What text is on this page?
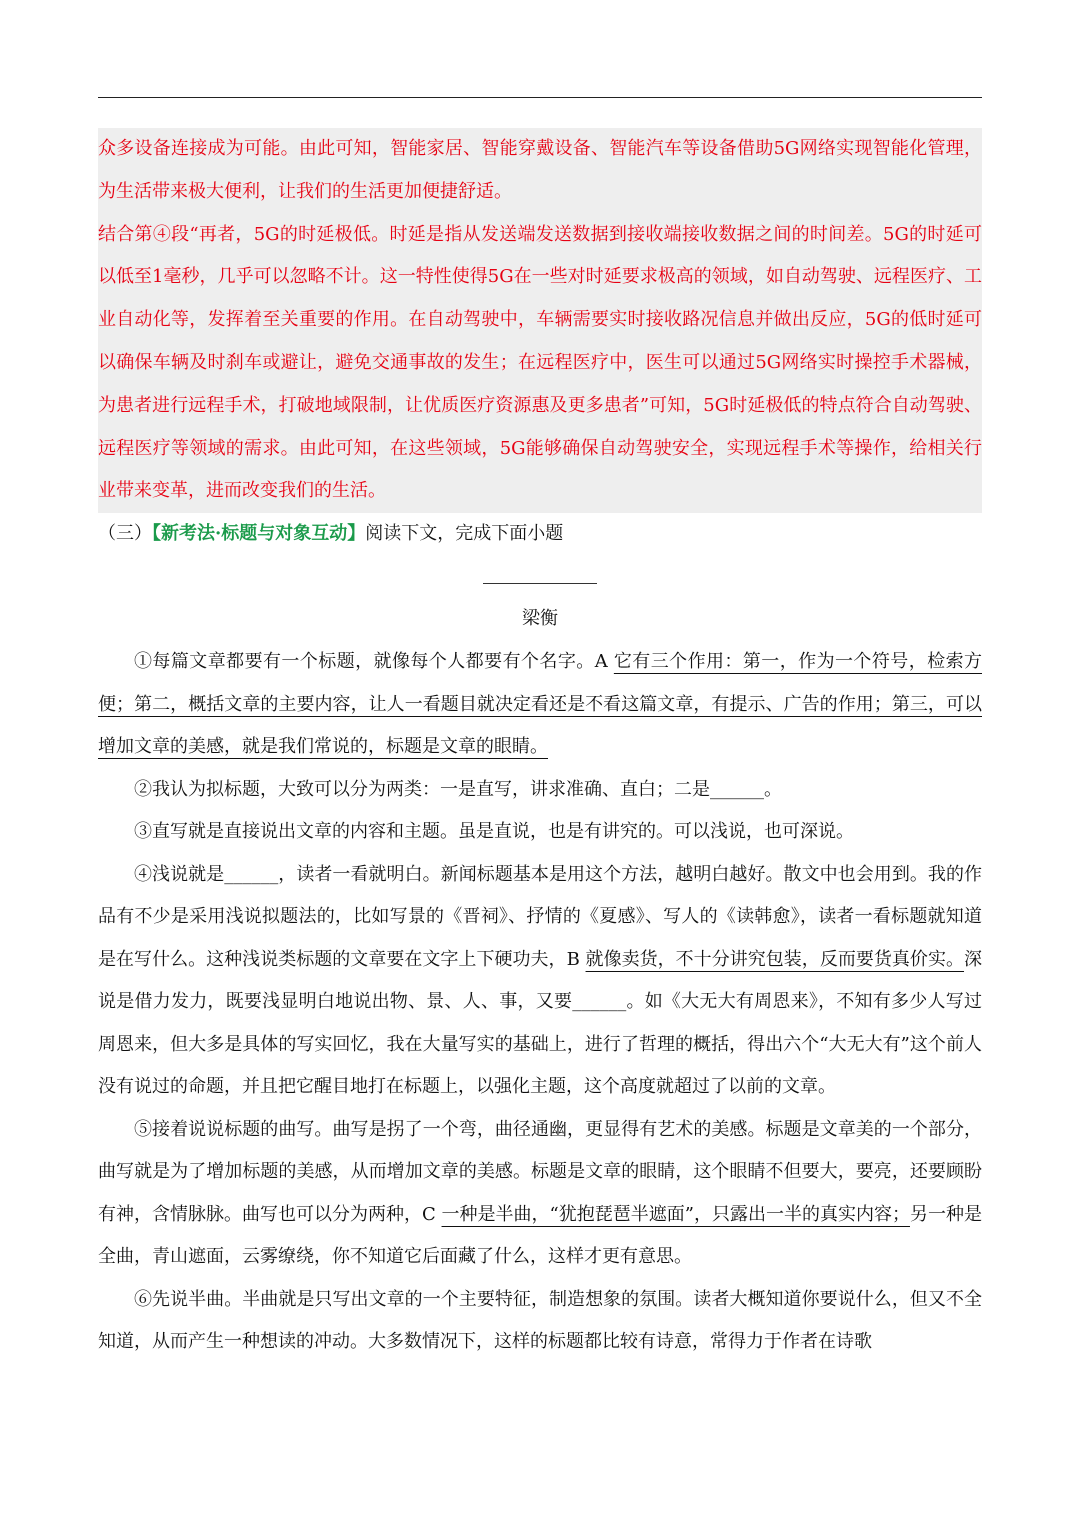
众多设备连接成为可能。由此可知，智能家居、智能穿戴设备、智能汽车等设备借助5G网络实现智能化管理，为生活带来极大便利，让我们的生活更加便捷舒适。

结合第④段“再者，5G的时延极低。时延是指从发送端发送数据到接收端接收数据之间的时间差。5G的时延可以低至1毫秒，几乎可以忽略不计。这一特性使得5G在一些对时延要求极高的领域，如自动驾驶、远程医疗、工业自动化等，发挥着至关重要的作用。在自动驾驶中，车辆需要实时接收路况信息并做出反应，5G的低时延可以确保车辆及时刹车或避让，避免交通事故的发生；在远程医疗中，医生可以通过5G网络实时操控手术器械，为患者进行远程手术，打破地域限制，让优质医疗资源惠及更多患者”可知，5G时延极低的特点符合自动驾驶、远程医疗等领域的需求。由此可知，在这些领域，5G能够确保自动驾驶安全，实现远程手术等操作，给相关行业带来变革，进而改变我们的生活。

（三）【新考法·标题与对象互动】阅读下文，完成下面小题
梁衡

①每篇文章都要有一个标题，就像每个人都要有个名字。A 它有三个作用：第一，作为一个符号，检索方便；第二，概括文章的主要内容，让人一看题目就决定看还是不看这篇文章，有提示、广告的作用；第三，可以增加文章的美感，就是我们常说的，标题是文章的眼睛。

②我认为拟标题，大致可以分为两类：一是直写，讲求准确、直白；二是______。

③直写就是直接说出文章的内容和主题。虽是直说，也是有讲究的。可以浅说，也可深说。

④浅说就是______，读者一看就明白。新闻标题基本是用这个方法，越明白越好。散文中也会用到。我的作品有不少是采用浅说拟题法的，比如写景的《晋祠》、抒情的《夏感》、写人的《读韩愈》，读者一看标题就知道是在写什么。这种浅说类标题的文章要在文字上下硬功夫，B 就像卖货，不十分讲究包装，反而要货真价实。深说是借力发力，既要浅显明白地说出物、景、人、事，又要______。如《大无大有周恩来》，不知有多少人写过周恩来，但大多是具体的写实回忆，我在大量写实的基础上，进行了哲理的概括，得出六个“大无大有”这个前人没有说过的命题，并且把它醒目地打在标题上，以强化主题，这个高度就超过了以前的文章。

⑤接着说说标题的曲写。曲写是拐了一个弯，曲径通幽，更显得有艺术的美感。标题是文章美的一个部分，曲写就是为了增加标题的美感，从而增加文章的美感。标题是文章的眼睛，这个眼睛不但要大，要亮，还要顾盼有神，含情脉脉。曲写也可以分为两种，C 一种是半曲，“犹抱琵琶半遮面”，只露出一半的真实内容；另一种是全曲，青山遮面，云雾缭绕，你不知道它后面藏了什么，这样才更有意思。

⑥先说半曲。半曲就是只写出文章的一个主要特征，制造想象的氛围。读者大概知道你要说什么，但又不全知道，从而产生一种想读的冲动。大多数情况下，这样的标题都比较有诗意，常得力于作者在诗歌
